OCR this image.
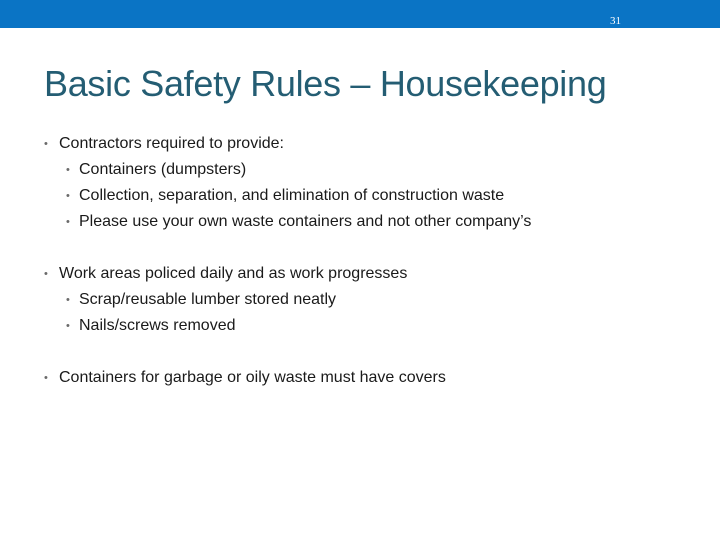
31
Basic Safety Rules – Housekeeping
• Contractors required to provide:
• Containers (dumpsters)
• Collection, separation, and elimination of construction waste
• Please use your own waste containers and not other company’s
• Work areas policed daily and as work progresses
• Scrap/reusable lumber stored neatly
• Nails/screws removed
• Containers for garbage or oily waste must have covers
